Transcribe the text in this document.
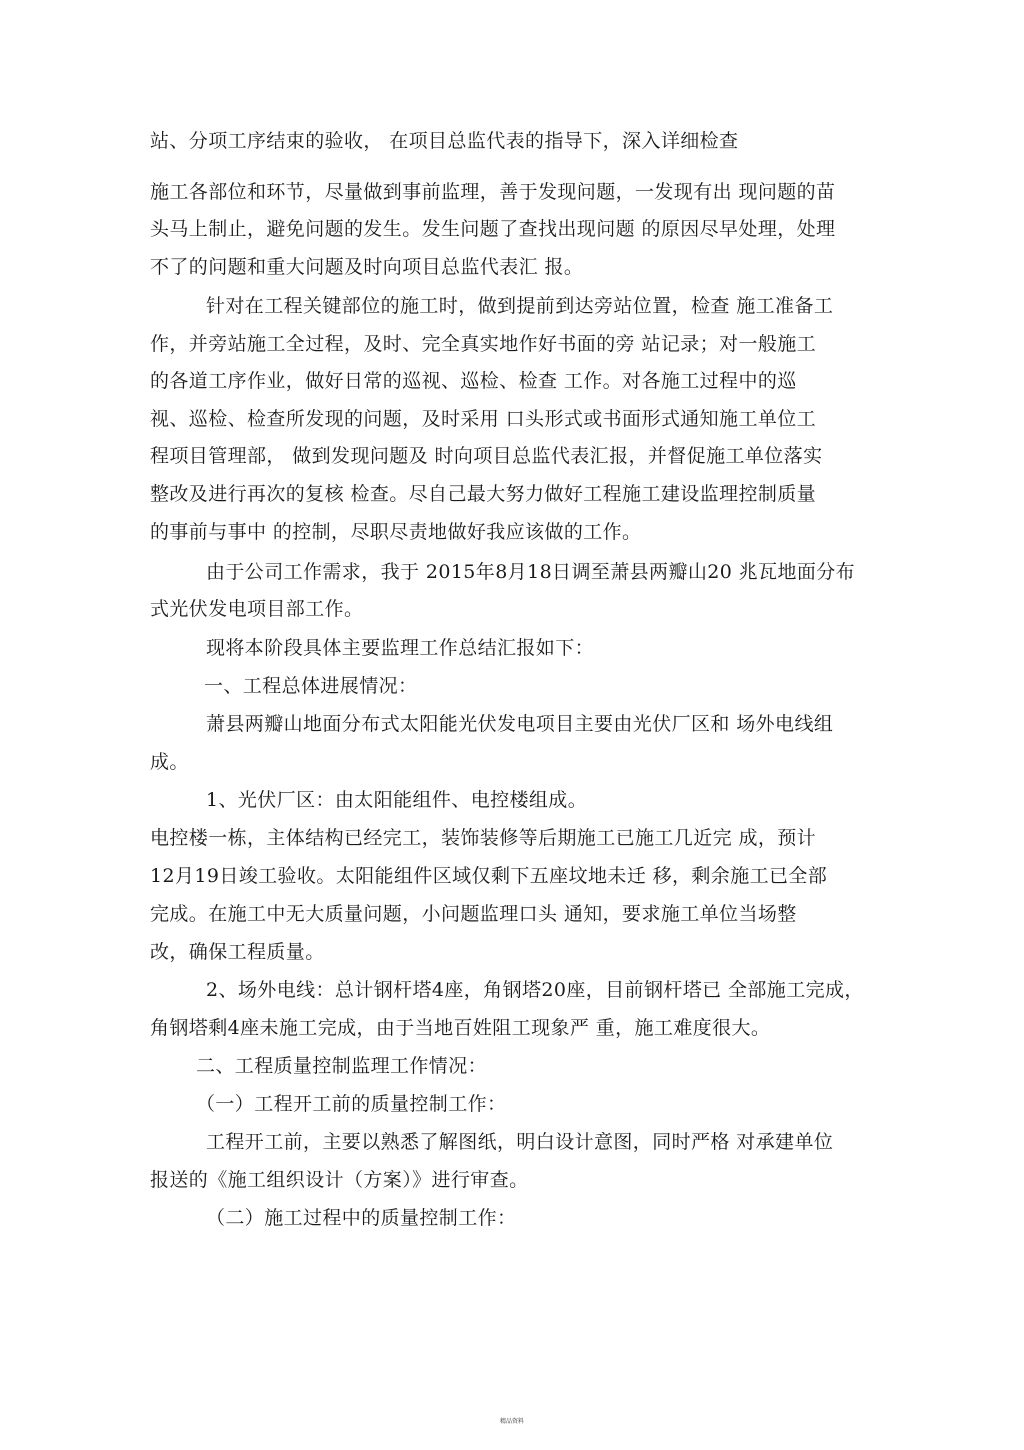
站、分项工序结束的验收， 在项目总监代表的指导下，深入详细检查
施工各部位和环节，尽量做到事前监理，善于发现问题，一发现有出 现问题的苗
头马上制止，避免问题的发生。发生问题了查找出现问题 的原因尽早处理，处理
不了的问题和重大问题及时向项目总监代表汇 报。
针对在工程关键部位的施工时，做到提前到达旁站位置，检查 施工准备工
作，并旁站施工全过程，及时、完全真实地作好书面的旁 站记录；对一般施工
的各道工序作业，做好日常的巡视、巡检、检查 工作。对各施工过程中的巡
视、巡检、检查所发现的问题，及时采用 口头形式或书面形式通知施工单位工
程项目管理部， 做到发现问题及 时向项目总监代表汇报，并督促施工单位落实
整改及进行再次的复核 检查。尽自己最大努力做好工程施工建设监理控制质量
的事前与事中 的控制，尽职尽责地做好我应该做的工作。
由于公司工作需求，我于 2015年8月18日调至萧县两瓣山20 兆瓦地面分布
式光伏发电项目部工作。
现将本阶段具体主要监理工作总结汇报如下：
一、工程总体进展情况：
萧县两瓣山地面分布式太阳能光伏发电项目主要由光伏厂区和 场外电线组
成。
1、光伏厂区：由太阳能组件、电控楼组成。
电控楼一栋，主体结构已经完工，装饰装修等后期施工已施工几近完 成，预计
12月19日竣工验收。太阳能组件区域仅剩下五座坟地未迁 移，剩余施工已全部
完成。在施工中无大质量问题，小问题监理口头 通知，要求施工单位当场整
改，确保工程质量。
2、场外电线：总计钢杆塔4座，角钢塔20座，目前钢杆塔已 全部施工完成，
角钢塔剩4座未施工完成，由于当地百姓阻工现象严 重，施工难度很大。
二、工程质量控制监理工作情况：
（一）工程开工前的质量控制工作：
工程开工前，主要以熟悉了解图纸，明白设计意图，同时严格 对承建单位
报送的《施工组织设计（方案）》进行审查。
（二）施工过程中的质量控制工作：
精品资料
